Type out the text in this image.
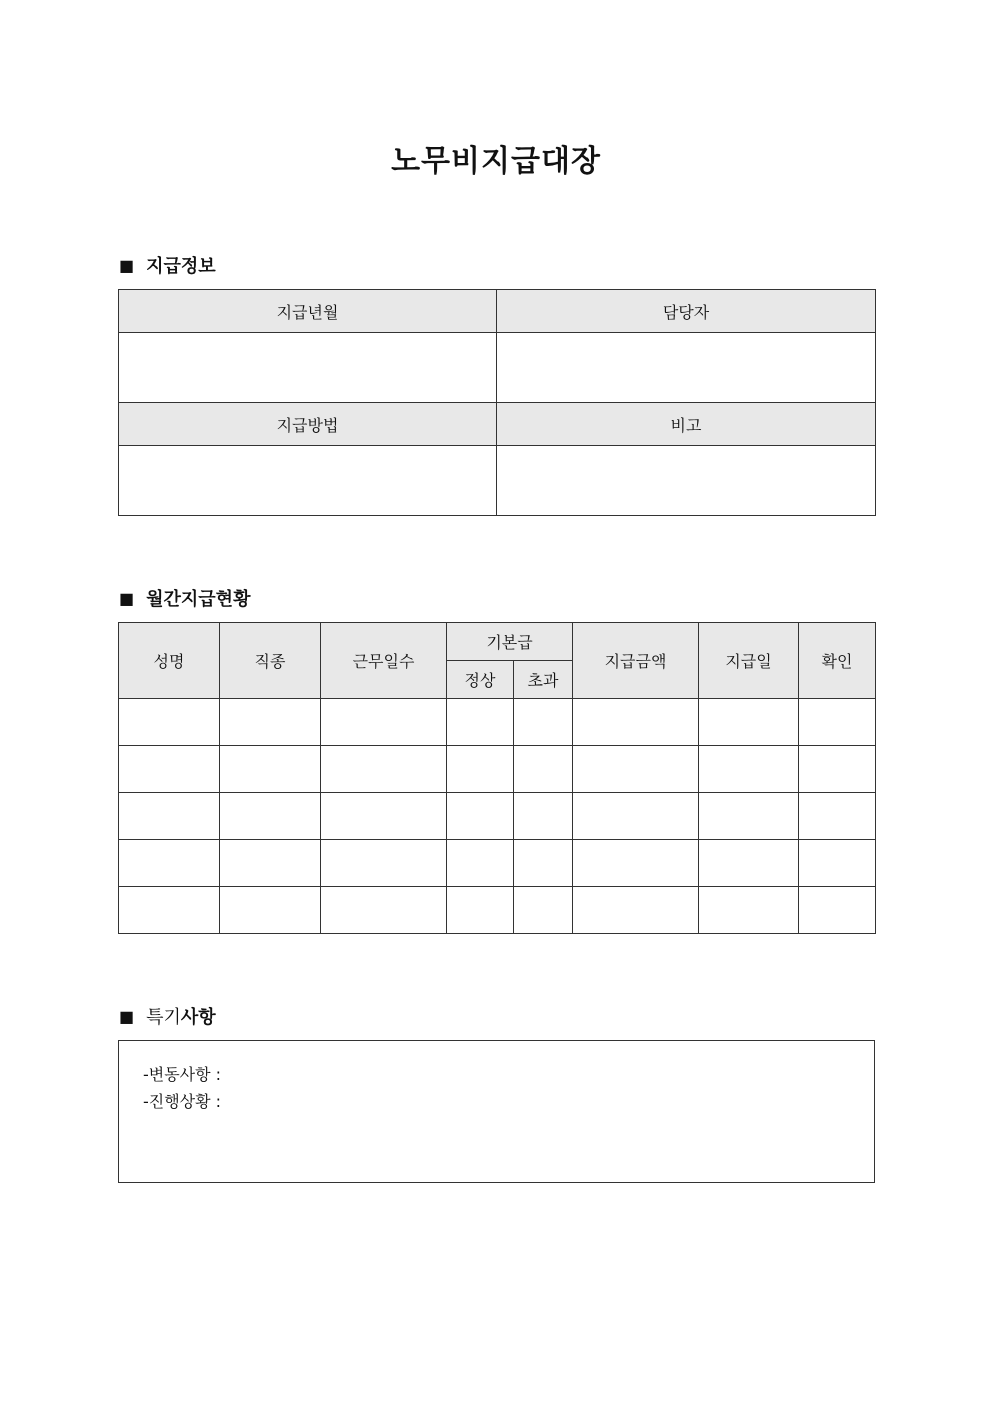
노무비지급대장
■ 지급정보
지급년월	담당자

지급방법	비고

■ 월간지급현황
성명	직종	근무일수	기본급		지급금액	지급일	확인
			정상	초과			

■ 특기 사항
-변동사항 :
-진행상황 :
